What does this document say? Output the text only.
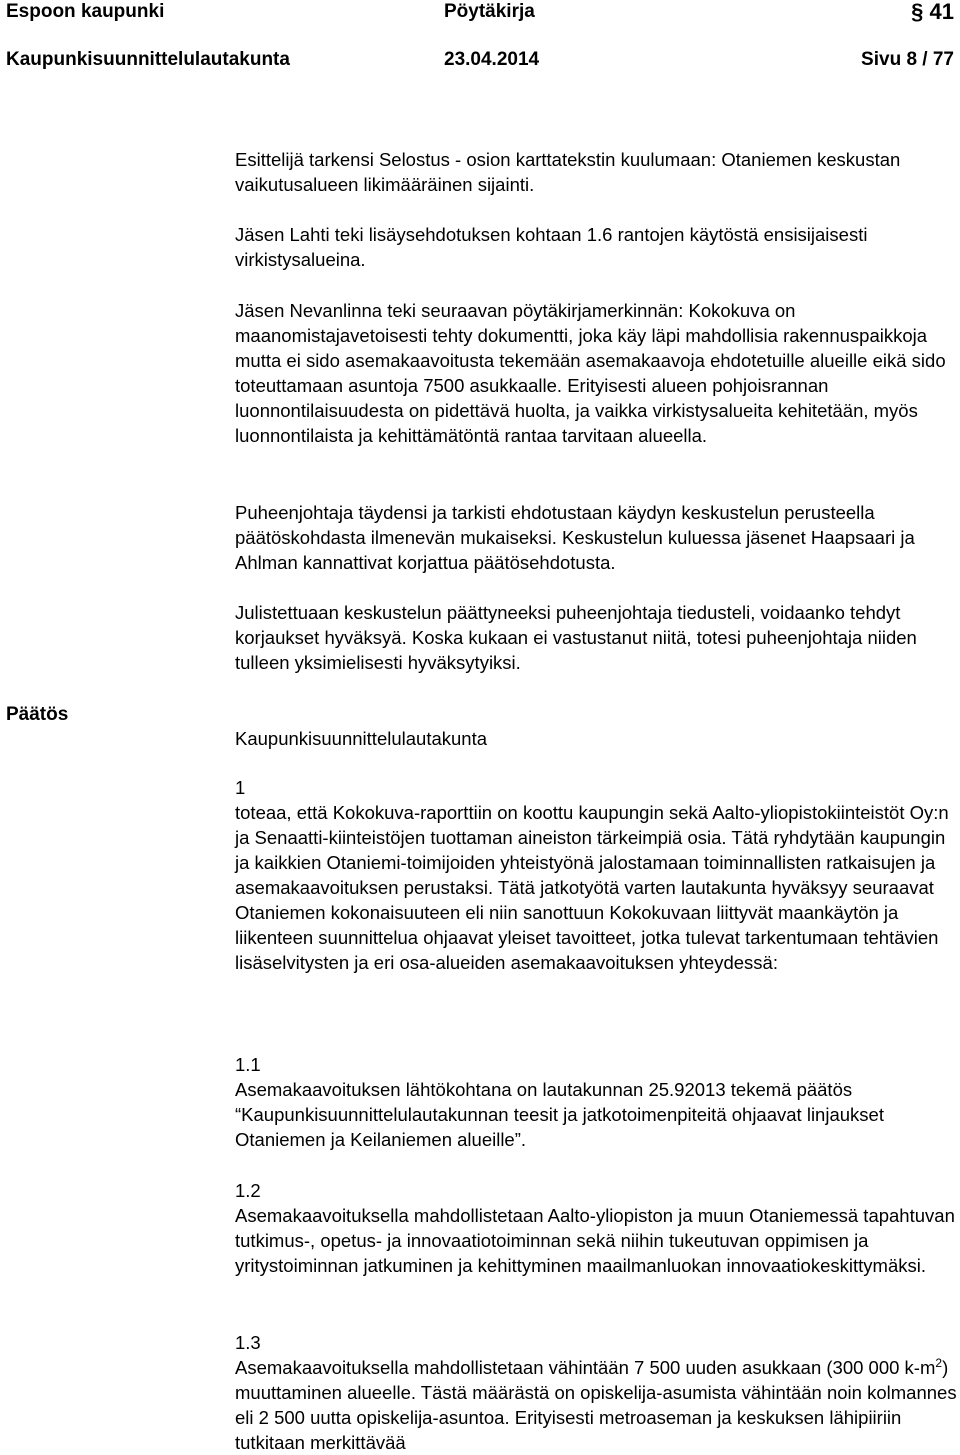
Espoon kaupunki	Pöytäkirja	§ 41
Kaupunkisuunnittelulautakunta	23.04.2014	Sivu 8 / 77

Esittelijä tarkensi Selostus - osion karttatekstin kuulumaan: Otaniemen keskustan vaikutusalueen likimääräinen sijainti.

Jäsen Lahti teki lisäysehdotuksen kohtaan 1.6 rantojen käytöstä ensisijaisesti virkistysalueina.

Jäsen Nevanlinna teki seuraavan pöytäkirjamerkinnän: Kokokuva on maanomistajavetoisesti tehty dokumentti, joka käy läpi mahdollisia rakennuspaikkoja mutta ei sido asemakaavoitusta tekemään asemakaavoja ehdotetuille alueille eikä sido toteuttamaan asuntoja 7500 asukkaalle. Erityisesti alueen pohjoisrannan luonnontilaisuudesta on pidettävä huolta, ja vaikka virkistysalueita kehitetään, myös luonnontilaista ja kehittämätöntä rantaa tarvitaan alueella.

Puheenjohtaja täydensi ja tarkisti ehdotustaan käydyn keskustelun perusteella päätöskohdasta ilmenevän mukaiseksi. Keskustelun kuluessa jäsenet Haapsaari ja Ahlman kannattivat korjattua päätösehdotusta.

Julistettuaan keskustelun päättyneeksi puheenjohtaja tiedusteli, voidaanko tehdyt korjaukset hyväksyä. Koska kukaan ei vastustanut niitä, totesi puheenjohtaja niiden tulleen yksimielisesti hyväksytyiksi.

Päätös

Kaupunkisuunnittelulautakunta

1

toteaa, että Kokokuva-raporttiin on koottu kaupungin sekä Aalto-yliopistokiinteistöt Oy:n ja Senaatti-kiinteistöjen tuottaman aineiston tärkeimpiä osia. Tätä ryhdytään kaupungin ja kaikkien Otaniemi-toimijoiden yhteistyönä jalostamaan toiminnallisten ratkaisujen ja asemakaavoituksen perustaksi. Tätä jatkotyötä varten lautakunta hyväksyy seuraavat Otaniemen kokonaisuuteen eli niin sanottuun Kokokuvaan liittyvät maankäytön ja liikenteen suunnittelua ohjaavat yleiset tavoitteet, jotka tulevat tarkentumaan tehtävien lisäselvitysten ja eri osa-alueiden asemakaavoituksen yhteydessä:

1.1

Asemakaavoituksen lähtökohtana on lautakunnan 25.92013 tekemä päätös “Kaupunkisuunnittelulautakunnan teesit ja jatkotoimenpiteitä ohjaavat linjaukset Otaniemen ja Keilaniemen alueille”.

1.2

Asemakaavoituksella mahdollistetaan Aalto-yliopiston ja muun Otaniemessä tapahtuvan tutkimus-, opetus- ja innovaatiotoiminnan sekä niihin tukeutuvan oppimisen ja yritystoiminnan jatkuminen ja kehittyminen maailmanluokan innovaatiokeskittymäksi.

1.3

Asemakaavoituksella mahdollistetaan vähintään 7 500 uuden asukkaan (300 000 $k-m^2$) muuttaminen alueelle. Tästä määrästä on opiskelija-asumista vähintään noin kolmannes eli 2 500 uutta opiskelija-asuntoa. Erityisesti metroaseman ja keskuksen lähipiiriin tutkitaan merkittävää
